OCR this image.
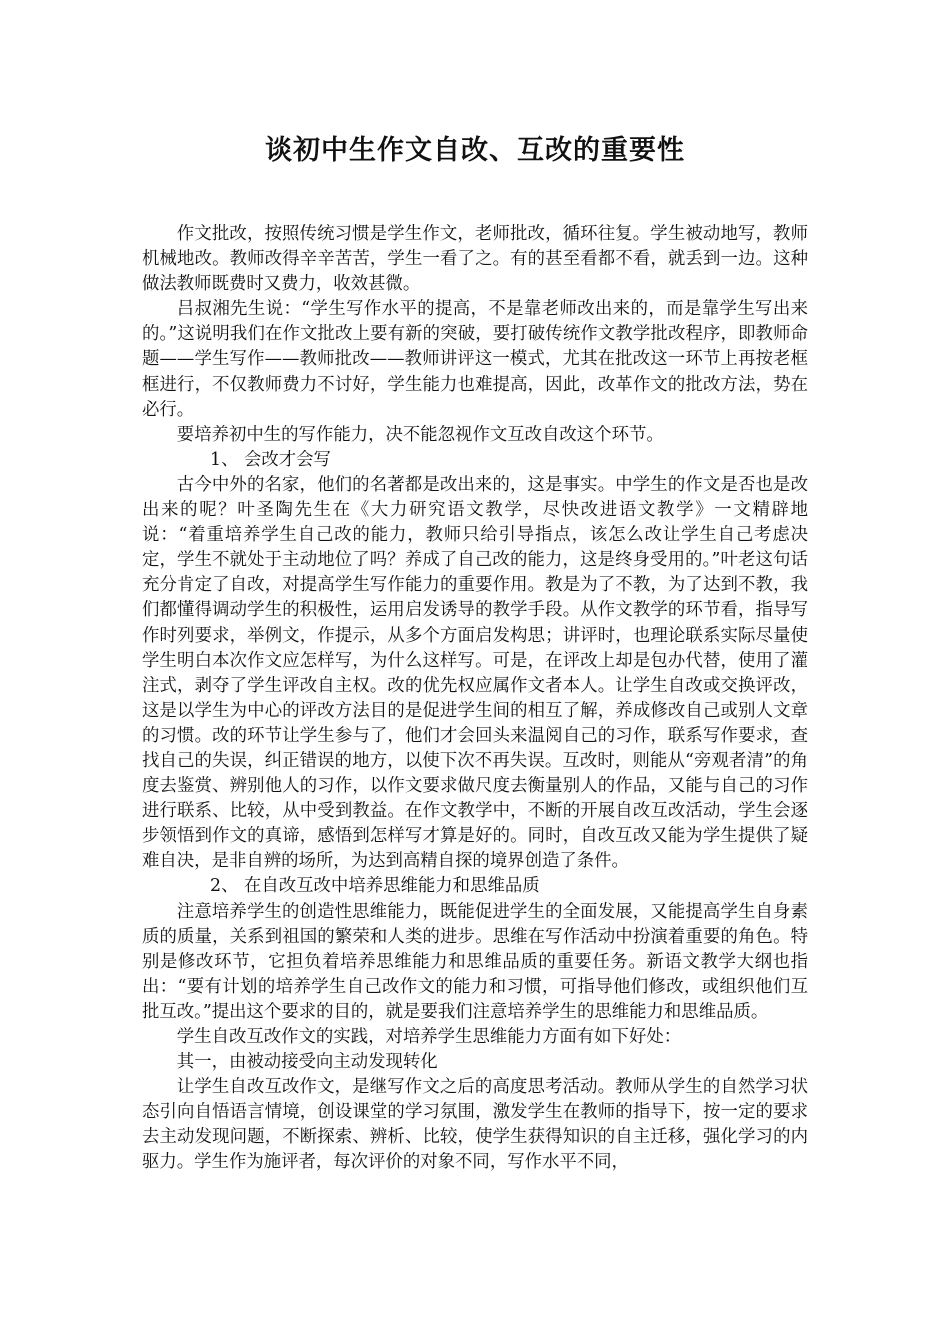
谈初中生作文自改、互改的重要性

作文批改，按照传统习惯是学生作文，老师批改，循环往复。学生被动地写，教师机械地改。教师改得辛辛苦苦，学生一看了之。有的甚至看都不看，就丢到一边。这种做法教师既费时又费力，收效甚微。

吕叔湘先生说：“学生写作水平的提高，不是靠老师改出来的，而是靠学生写出来的。”这说明我们在作文批改上要有新的突破，要打破传统作文教学批改程序，即教师命题——学生写作——教师批改——教师讲评这一模式，尤其在批改这一环节上再按老框框进行，不仅教师费力不讨好，学生能力也难提高，因此，改革作文的批改方法，势在必行。

要培养初中生的写作能力，决不能忽视作文互改自改这个环节。

1、 会改才会写

古今中外的名家，他们的名著都是改出来的，这是事实。中学生的作文是否也是改出来的呢？叶圣陶先生在《大力研究语文教学，尽快改进语文教学》一文精辟地说：“着重培养学生自己改的能力，教师只给引导指点，该怎么改让学生自己考虑决定，学生不就处于主动地位了吗？养成了自己改的能力，这是终身受用的。”叶老这句话充分肯定了自改，对提高学生写作能力的重要作用。教是为了不教，为了达到不教，我们都懂得调动学生的积极性，运用启发诱导的教学手段。从作文教学的环节看，指导写作时列要求，举例文，作提示，从多个方面启发构思；讲评时，也理论联系实际尽量使学生明白本次作文应怎样写，为什么这样写。可是，在评改上却是包办代替，使用了灌注式，剥夺了学生评改自主权。改的优先权应属作文者本人。让学生自改或交换评改，这是以学生为中心的评改方法目的是促进学生间的相互了解，养成修改自己或别人文章的习惯。改的环节让学生参与了，他们才会回头来温阅自己的习作，联系写作要求，查找自己的失误，纠正错误的地方，以使下次不再失误。互改时，则能从“旁观者清”的角度去鉴赏、辨别他人的习作，以作文要求做尺度去衡量别人的作品，又能与自己的习作进行联系、比较，从中受到教益。在作文教学中，不断的开展自改互改活动，学生会逐步领悟到作文的真谛，感悟到怎样写才算是好的。同时，自改互改又能为学生提供了疑难自决，是非自辨的场所，为达到高精自探的境界创造了条件。

2、 在自改互改中培养思维能力和思维品质

注意培养学生的创造性思维能力，既能促进学生的全面发展，又能提高学生自身素质的质量，关系到祖国的繁荣和人类的进步。思维在写作活动中扮演着重要的角色。特别是修改环节，它担负着培养思维能力和思维品质的重要任务。新语文教学大纲也指出：“要有计划的培养学生自己改作文的能力和习惯，可指导他们修改，或组织他们互批互改。”提出这个要求的目的，就是要我们注意培养学生的思维能力和思维品质。

学生自改互改作文的实践，对培养学生思维能力方面有如下好处：

其一，由被动接受向主动发现转化

让学生自改互改作文，是继写作文之后的高度思考活动。教师从学生的自然学习状态引向自悟语言情境，创设课堂的学习氛围，激发学生在教师的指导下，按一定的要求去主动发现问题，不断探索、辨析、比较，使学生获得知识的自主迁移，强化学习的内驱力。学生作为施评者，每次评价的对象不同，写作水平不同，
